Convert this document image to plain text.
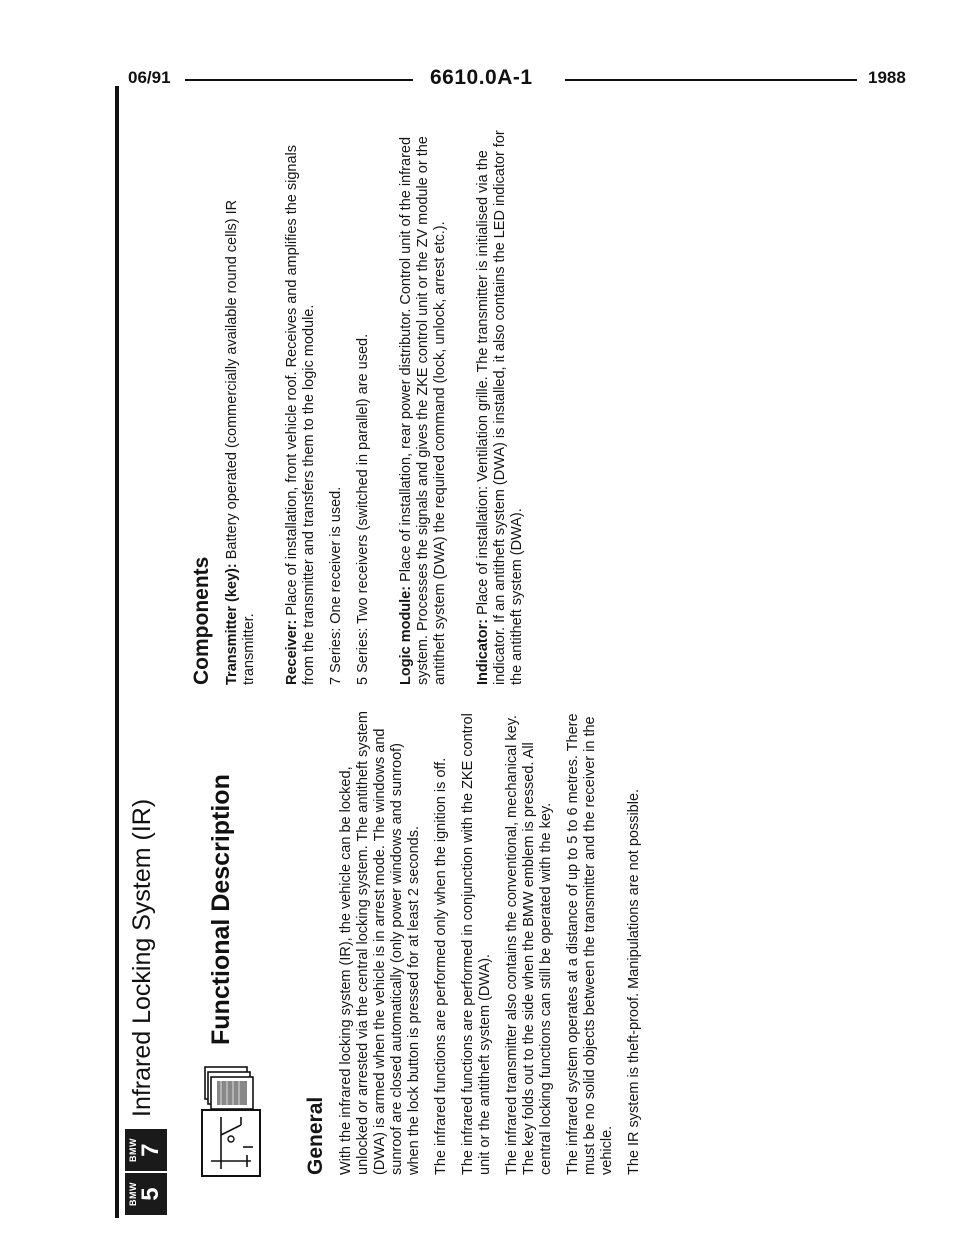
06/91	6610.0A-1	1988
BMW 5
BMW 7
Infrared Locking System (IR) Functional Description
General With the infrared locking system (IR), the vehicle can be locked, unlocked or arrested via the central locking system. The antitheft system (DWA) is armed when the vehicle is in arrest mode. The windows and sunroof are closed automatically (only power windows and sunroof) when the lock button is pressed for at least 2 seconds. The infrared functions are performed only when the ignition is off. The infrared functions are performed in conjunction with the ZKE control unit or the antitheft system (DWA). The infrared transmitter also contains the conventional, mechanical key. The key folds out to the side when the BMW emblem is pressed. All central locking functions can still be operated with the key. The infrared system operates at a distance of up to 5 to 6 metres. There must be no solid objects between the transmitter and the receiver in the vehicle. The IR system is theft-proof. Manipulations are not possible.

Components Transmitter (key): Battery operated (commercially available round cells) IR transmitter. Receiver: Place of installation, front vehicle roof. Receives and amplifies the signals from the transmitter and transfers them to the logic module. 7 Series: One receiver is used. 5 Series: Two receivers (switched in parallel) are used. Logic module: Place of installation, rear power distributor. Control unit of the infrared system. Processes the signals and gives the ZKE control unit or the ZV module or the antitheft system (DWA) the required command (lock, unlock, arrest etc.). Indicator: Place of installation: Ventilation grille. The transmitter is initialised via the indicator. If an antitheft system (DWA) is installed, it also contains the LED indicator for the antitheft system (DWA).
